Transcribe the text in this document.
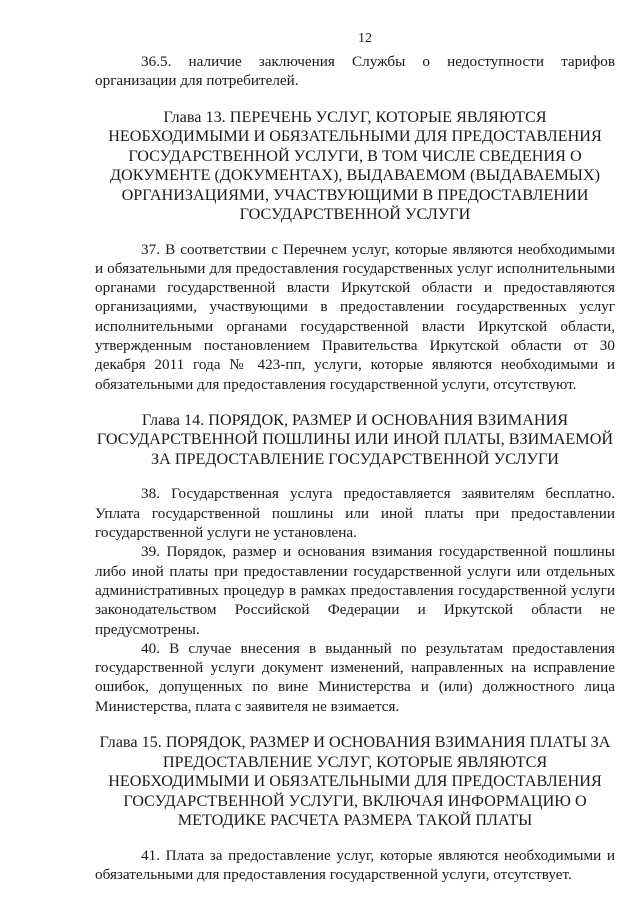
12

36.5. наличие заключения Службы о недоступности тарифов организации для потребителей.

Глава 13. ПЕРЕЧЕНЬ УСЛУГ, КОТОРЫЕ ЯВЛЯЮТСЯ НЕОБХОДИМЫМИ И ОБЯЗАТЕЛЬНЫМИ ДЛЯ ПРЕДОСТАВЛЕНИЯ ГОСУДАРСТВЕННОЙ УСЛУГИ, В ТОМ ЧИСЛЕ СВЕДЕНИЯ О ДОКУМЕНТЕ (ДОКУМЕНТАХ), ВЫДАВАЕМОМ (ВЫДАВАЕМЫХ) ОРГАНИЗАЦИЯМИ, УЧАСТВУЮЩИМИ В ПРЕДОСТАВЛЕНИИ ГОСУДАРСТВЕННОЙ УСЛУГИ

37. В соответствии с Перечнем услуг, которые являются необходимыми и обязательными для предоставления государственных услуг исполнительными органами государственной власти Иркутской области и предоставляются организациями, участвующими в предоставлении государственных услуг исполнительными органами государственной власти Иркутской области, утвержденным постановлением Правительства Иркутской области от 30 декабря 2011 года № 423-пп, услуги, которые являются необходимыми и обязательными для предоставления государственной услуги, отсутствуют.

Глава 14. ПОРЯДОК, РАЗМЕР И ОСНОВАНИЯ ВЗИМАНИЯ ГОСУДАРСТВЕННОЙ ПОШЛИНЫ ИЛИ ИНОЙ ПЛАТЫ, ВЗИМАЕМОЙ ЗА ПРЕДОСТАВЛЕНИЕ ГОСУДАРСТВЕННОЙ УСЛУГИ

38. Государственная услуга предоставляется заявителям бесплатно. Уплата государственной пошлины или иной платы при предоставлении государственной услуги не установлена.

39. Порядок, размер и основания взимания государственной пошлины либо иной платы при предоставлении государственной услуги или отдельных административных процедур в рамках предоставления государственной услуги законодательством Российской Федерации и Иркутской области не предусмотрены.

40. В случае внесения в выданный по результатам предоставления государственной услуги документ изменений, направленных на исправление ошибок, допущенных по вине Министерства и (или) должностного лица Министерства, плата с заявителя не взимается.

Глава 15. ПОРЯДОК, РАЗМЕР И ОСНОВАНИЯ ВЗИМАНИЯ ПЛАТЫ ЗА ПРЕДОСТАВЛЕНИЕ УСЛУГ, КОТОРЫЕ ЯВЛЯЮТСЯ НЕОБХОДИМЫМИ И ОБЯЗАТЕЛЬНЫМИ ДЛЯ ПРЕДОСТАВЛЕНИЯ ГОСУДАРСТВЕННОЙ УСЛУГИ, ВКЛЮЧАЯ ИНФОРМАЦИЮ О МЕТОДИКЕ РАСЧЕТА РАЗМЕРА ТАКОЙ ПЛАТЫ

41. Плата за предоставление услуг, которые являются необходимыми и обязательными для предоставления государственной услуги, отсутствует.
